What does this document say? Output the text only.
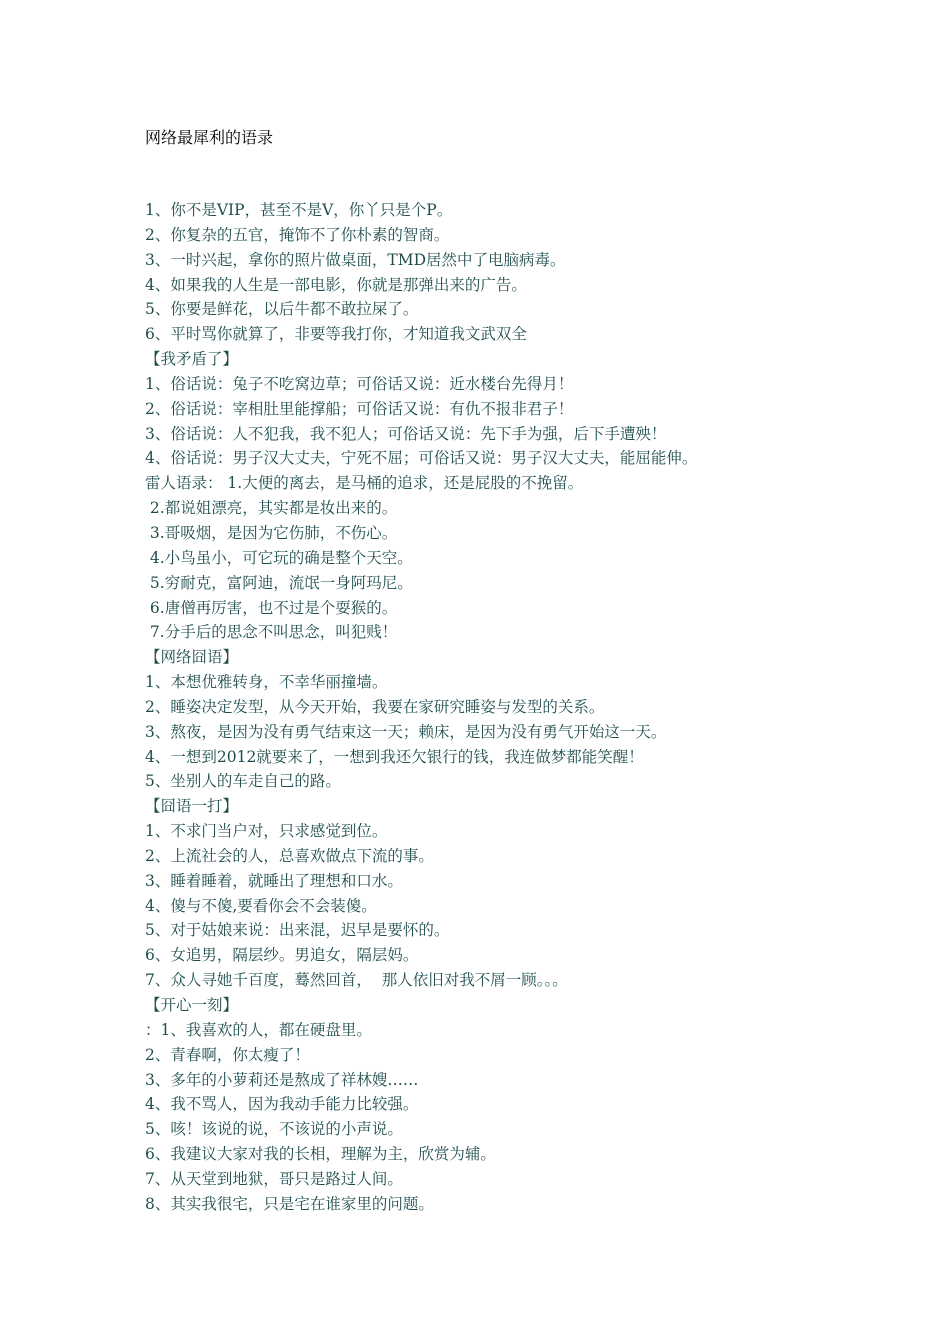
网络最犀利的语录
1、你不是VIP，甚至不是V，你丫只是个P。
2、你复杂的五官，掩饰不了你朴素的智商。
3、一时兴起，拿你的照片做桌面，TMD居然中了电脑病毒。
4、如果我的人生是一部电影，你就是那弹出来的广告。
5、你要是鲜花，以后牛都不敢拉屎了。
6、平时骂你就算了，非要等我打你，才知道我文武双全
【我矛盾了】
1、俗话说：兔子不吃窝边草；可俗话又说：近水楼台先得月！
2、俗话说：宰相肚里能撑船；可俗话又说：有仇不报非君子！
3、俗话说：人不犯我，我不犯人；可俗话又说：先下手为强，后下手遭殃！
4、俗话说：男子汉大丈夫，宁死不屈；可俗话又说：男子汉大丈夫，能屈能伸。
雷人语录： 1.大便的离去，是马桶的追求，还是屁股的不挽留。
2.都说姐漂亮，其实都是妆出来的。
3.哥吸烟，是因为它伤肺，不伤心。
4.小鸟虽小，可它玩的确是整个天空。
5.穷耐克，富阿迪，流氓一身阿玛尼。
6.唐僧再厉害，也不过是个耍猴的。
7.分手后的思念不叫思念，叫犯贱！
【网络囧语】
1、本想优雅转身，不幸华丽撞墙。
2、睡姿决定发型，从今天开始，我要在家研究睡姿与发型的关系。
3、熬夜，是因为没有勇气结束这一天；赖床，是因为没有勇气开始这一天。
4、一想到2012就要来了，一想到我还欠银行的钱，我连做梦都能笑醒！
5、坐别人的车走自己的路。
【囧语一打】
1、不求门当户对，只求感觉到位。
2、上流社会的人，总喜欢做点下流的事。
3、睡着睡着，就睡出了理想和口水。
4、傻与不傻,要看你会不会装傻。
5、对于姑娘来说：出来混，迟早是要怀的。
6、女追男，隔层纱。男追女，隔层妈。
7、众人寻她千百度，蓦然回首，  那人依旧对我不屑一顾。。。
【开心一刻】
：1、我喜欢的人，都在硬盘里。
2、青春啊，你太瘦了！
3、多年的小萝莉还是熬成了祥林嫂……
4、我不骂人，因为我动手能力比较强。
5、咳！该说的说，不该说的小声说。
6、我建议大家对我的长相，理解为主，欣赏为辅。
7、从天堂到地狱，哥只是路过人间。
8、其实我很宅，只是宅在谁家里的问题。
